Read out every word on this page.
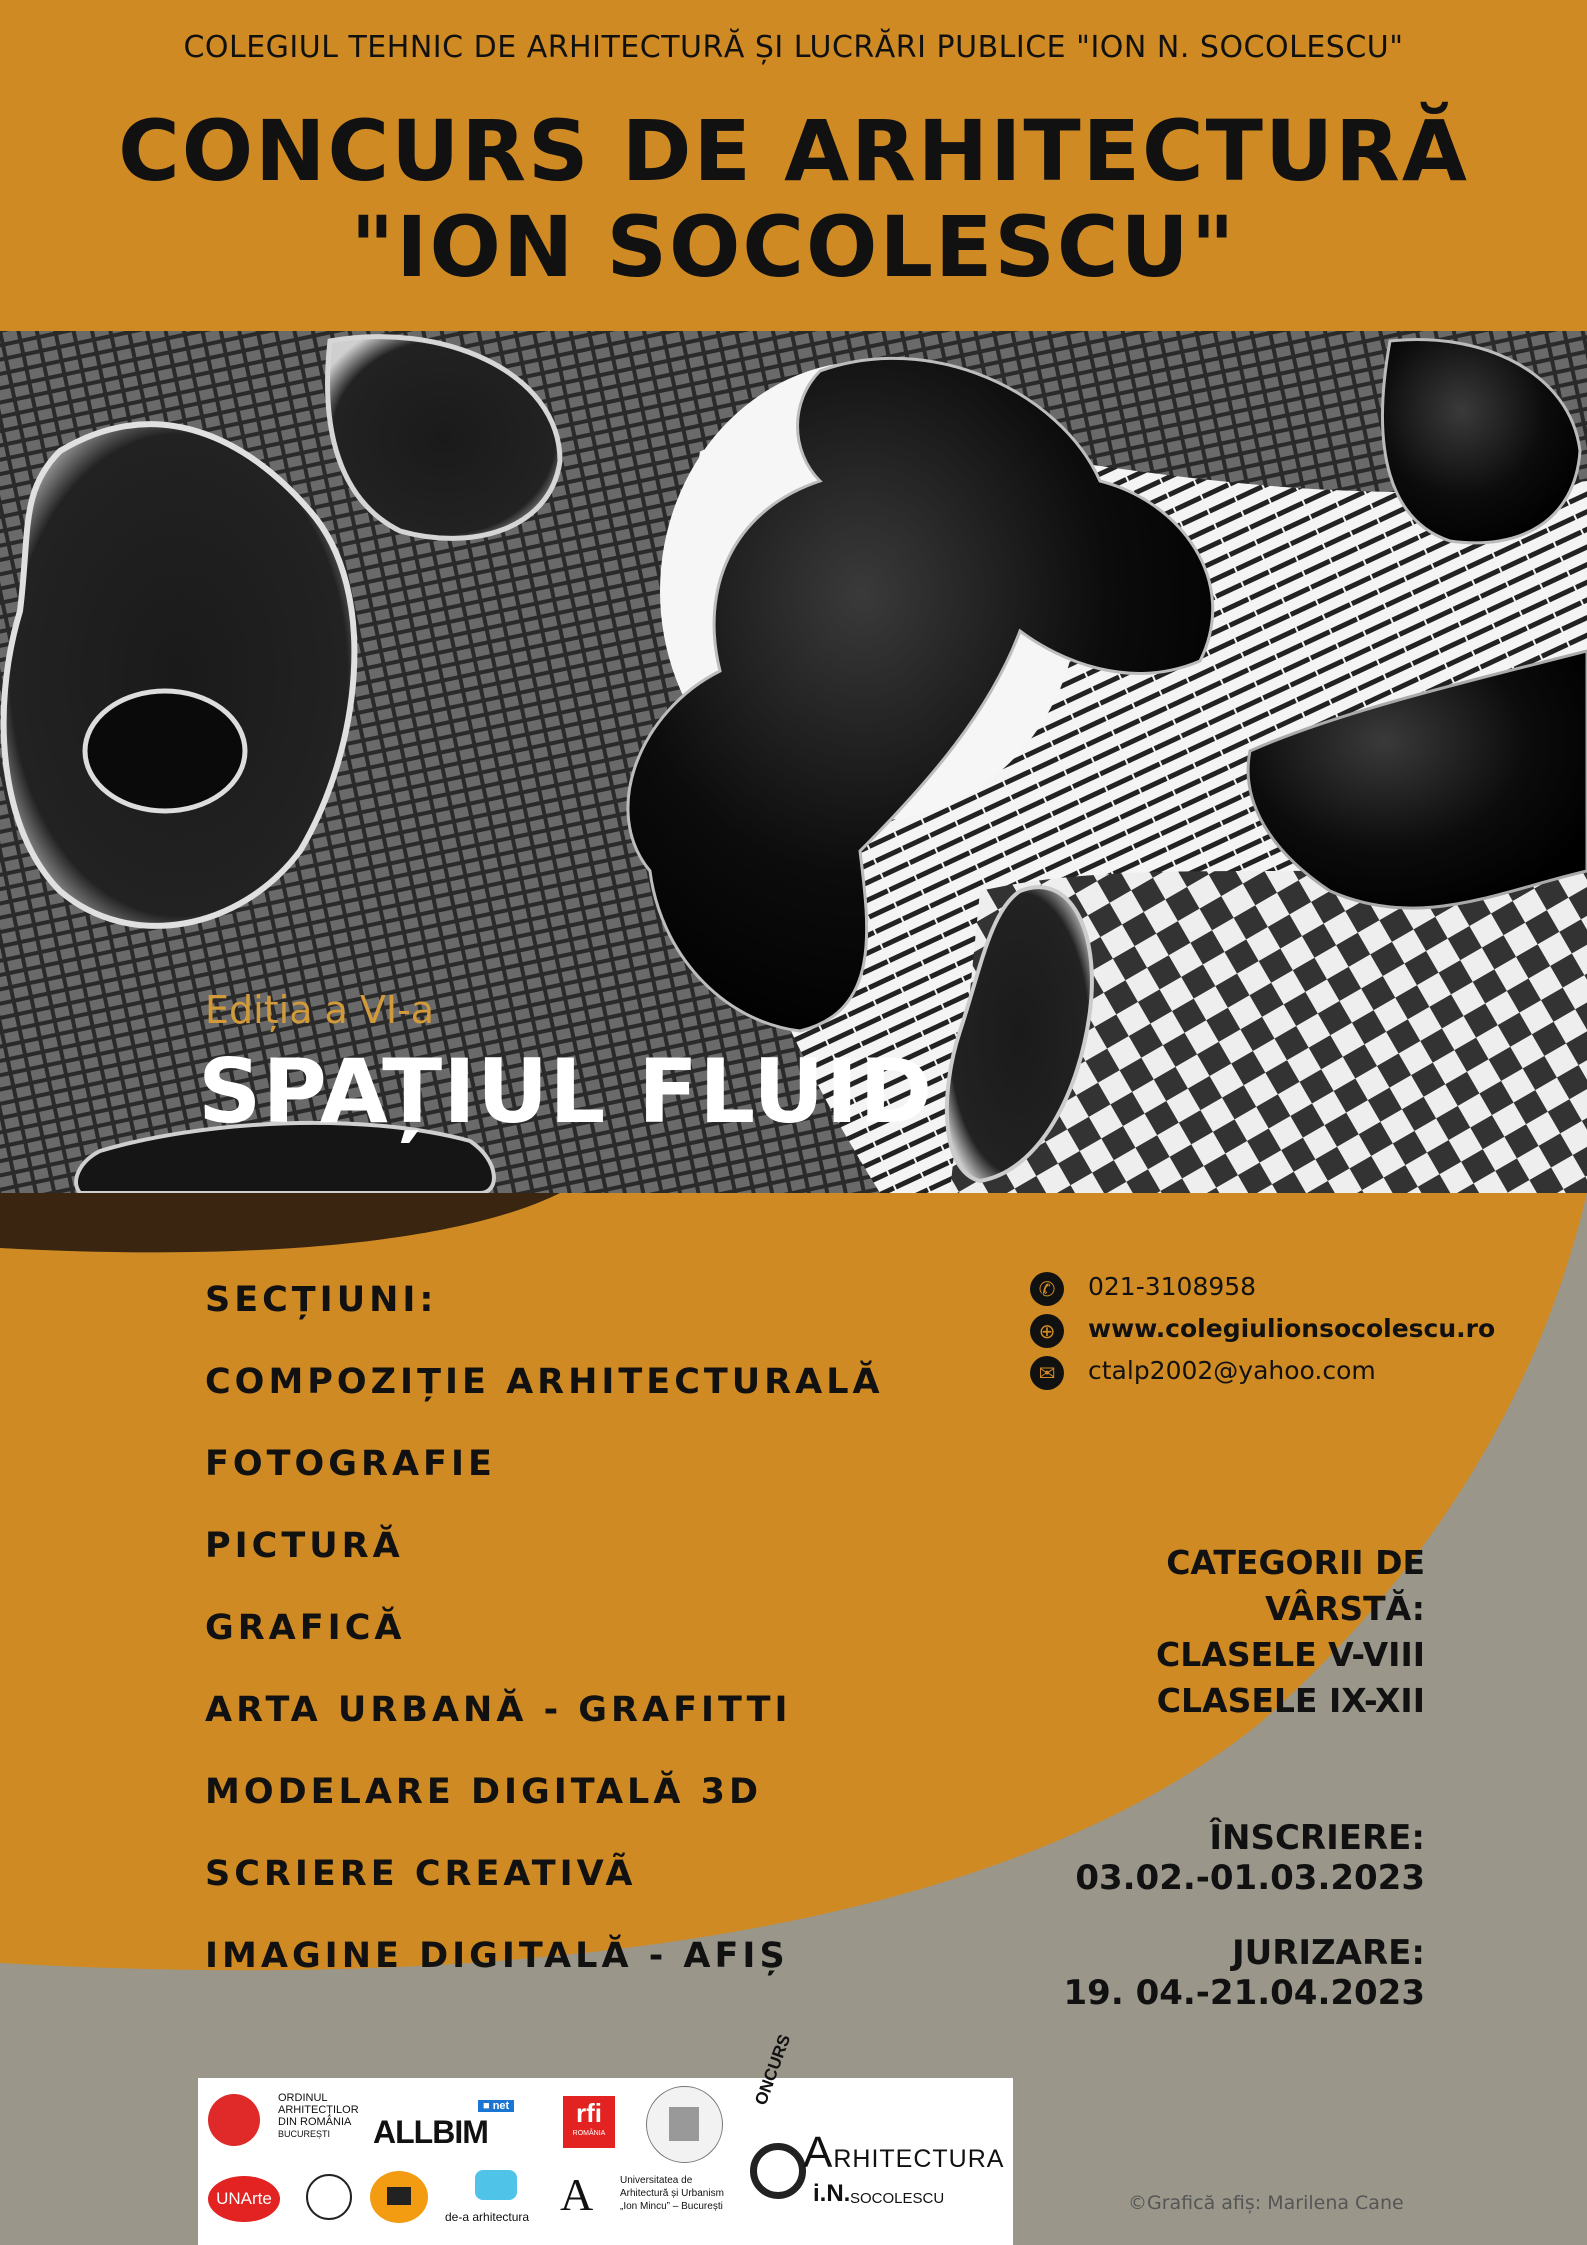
COLEGIUL TEHNIC DE ARHITECTURĂ ȘI LUCRĂRI PUBLICE "ION N. SOCOLESCU"
CONCURS DE ARHITECTURĂ
"ION SOCOLESCU"
Ediția a VI-a
SPAȚIUL FLUID
SECȚIUNI:
COMPOZIȚIE ARHITECTURALĂ
FOTOGRAFIE
PICTURĂ
GRAFICĂ
ARTA URBANĂ - GRAFITTI
MODELARE DIGITALĂ 3D
SCRIERE CREATIVÃ
IMAGINE DIGITALĂ - AFIȘ
✆	021-3108958
⊕	www.colegiulionsocolescu.ro
✉	ctalp2002@yahoo.com
CATEGORII DE
VÂRSTĂ:
CLASELE V-VIII
CLASELE IX-XII
ÎNSCRIERE:
03.02.-01.03.2023
JURIZARE:
19. 04.-21.04.2023
ORDINUL
ARHITECȚILOR
DIN ROMÂNIA
BUCUREȘTI
■ net
ALLBIM
rfi
ROMÂNIA
ONCURS
ARHITECTURA
i.N. SOCOLESCU
UNArte
de-a arhitectura A	Universitatea de
Arhitectură și Urbanism
„Ion Mincu” – București	©Grafică afiș: Marilena Cane
